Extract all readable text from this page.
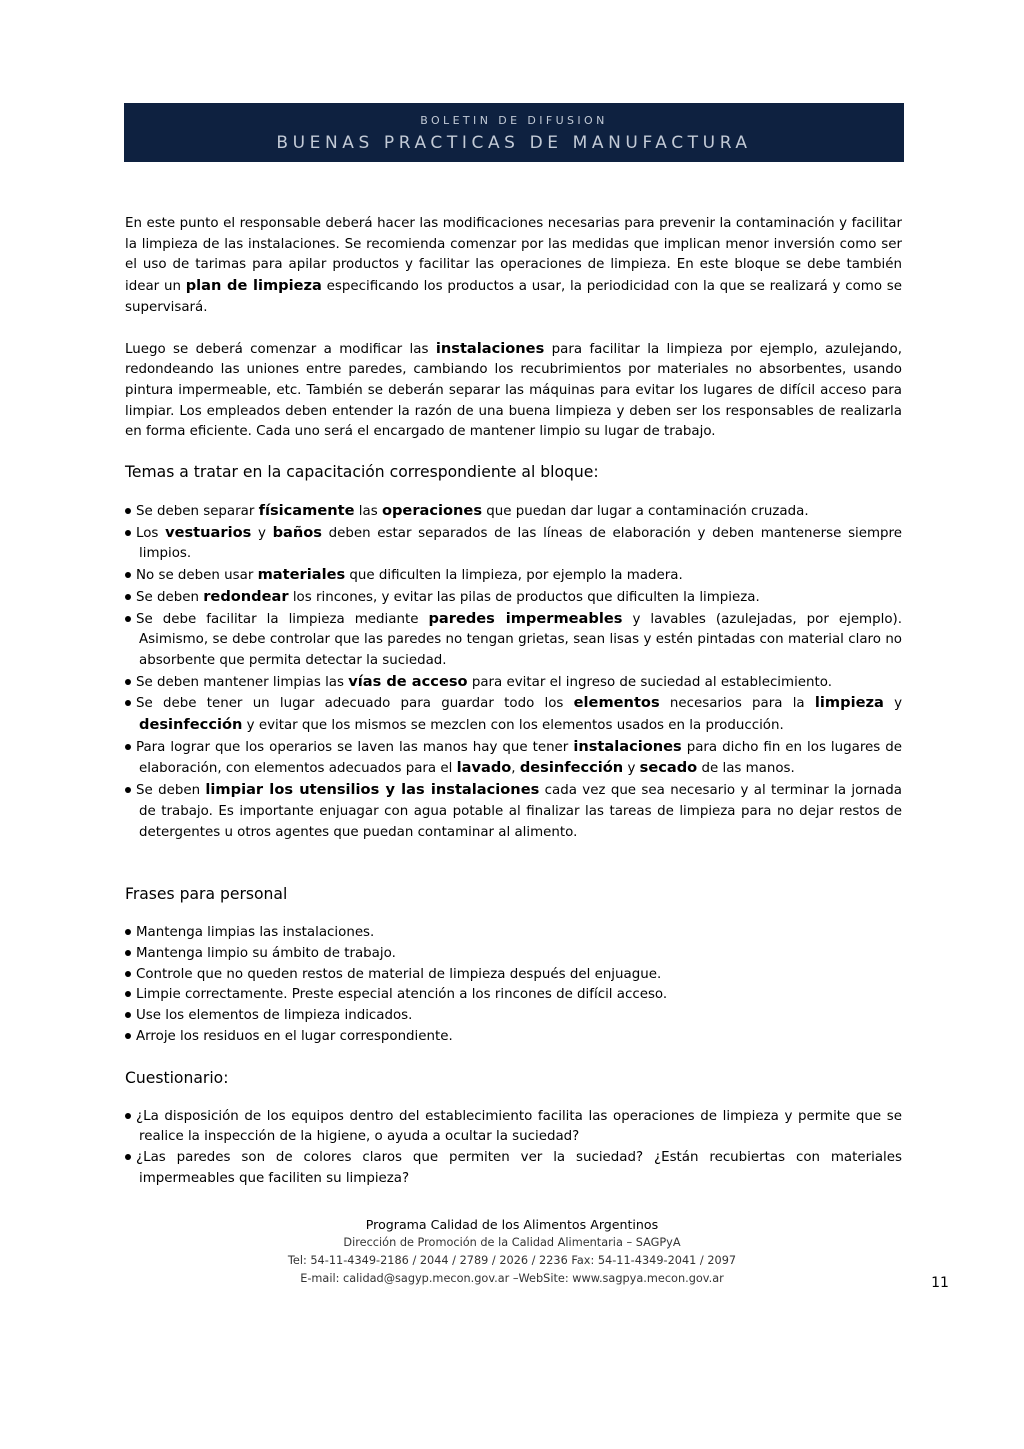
BOLETIN DE DIFUSION
BUENAS PRACTICAS DE MANUFACTURA

En este punto el responsable deberá hacer las modificaciones necesarias para prevenir la contaminación y facilitar la limpieza de las instalaciones. Se recomienda comenzar por las medidas que implican menor inversión como ser el uso de tarimas para apilar productos y facilitar las operaciones de limpieza. En este bloque se debe también idear un plan de limpieza especificando los productos a usar, la periodicidad con la que se realizará y como se supervisará.

Luego se deberá comenzar a modificar las instalaciones para facilitar la limpieza por ejemplo, azulejando, redondeando las uniones entre paredes, cambiando los recubrimientos por materiales no absorbentes, usando pintura impermeable, etc. También se deberán separar las máquinas para evitar los lugares de difícil acceso para limpiar. Los empleados deben entender la razón de una buena limpieza y deben ser los responsables de realizarla en forma eficiente. Cada uno será el encargado de mantener limpio su lugar de trabajo.

Temas a tratar en la capacitación correspondiente al bloque:
Se deben separar físicamente las operaciones que puedan dar lugar a contaminación cruzada.
Los vestuarios y baños deben estar separados de las líneas de elaboración y deben mantenerse siempre limpios.
No se deben usar materiales que dificulten la limpieza, por ejemplo la madera.
Se deben redondear los rincones, y evitar las pilas de productos que dificulten la limpieza.
Se debe facilitar la limpieza mediante paredes impermeables y lavables (azulejadas, por ejemplo). Asimismo, se debe controlar que las paredes no tengan grietas, sean lisas y estén pintadas con material claro no absorbente que permita detectar la suciedad.
Se deben mantener limpias las vías de acceso para evitar el ingreso de suciedad al establecimiento.
Se debe tener un lugar adecuado para guardar todo los elementos necesarios para la limpieza y desinfección y evitar que los mismos se mezclen con los elementos usados en la producción.
Para lograr que los operarios se laven las manos hay que tener instalaciones para dicho fin en los lugares de elaboración, con elementos adecuados para el lavado, desinfección y secado de las manos.
Se deben limpiar los utensilios y las instalaciones cada vez que sea necesario y al terminar la jornada de trabajo. Es importante enjuagar con agua potable al finalizar las tareas de limpieza para no dejar restos de detergentes u otros agentes que puedan contaminar al alimento.
Frases para personal
Mantenga limpias las instalaciones.
Mantenga limpio su ámbito de trabajo.
Controle que no queden restos de material de limpieza después del enjuague.
Limpie correctamente. Preste especial atención a los rincones de difícil acceso.
Use los elementos de limpieza indicados.
Arroje los residuos en el lugar correspondiente.
Cuestionario:
¿La disposición de los equipos dentro del establecimiento facilita las operaciones de limpieza y permite que se realice la inspección de la higiene, o ayuda a ocultar la suciedad?
¿Las paredes son de colores claros que permiten ver la suciedad? ¿Están recubiertas con materiales impermeables que faciliten su limpieza?
Programa Calidad de los Alimentos Argentinos
Dirección de Promoción de la Calidad Alimentaria – SAGPyA
Tel: 54-11-4349-2186 / 2044 / 2789 / 2026 / 2236 Fax: 54-11-4349-2041 / 2097
E-mail: calidad@sagyp.mecon.gov.ar –WebSite: www.sagpya.mecon.gov.ar	11
